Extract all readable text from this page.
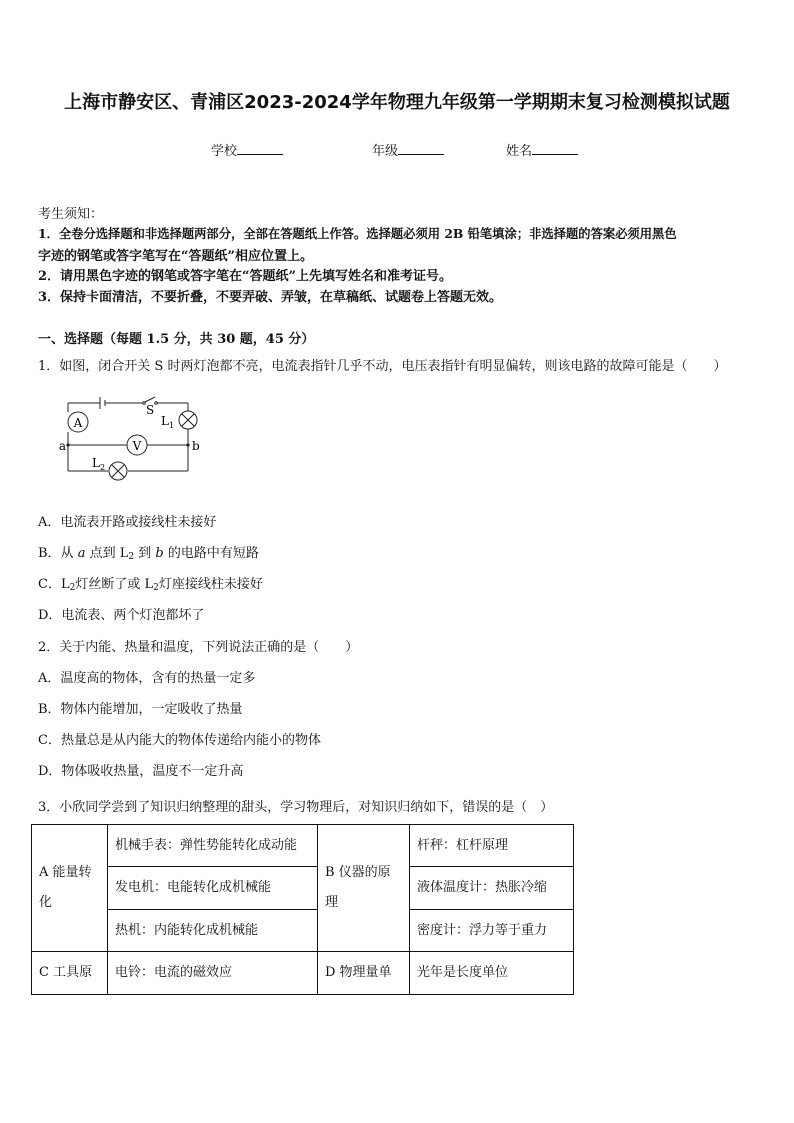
上海市静安区、青浦区2023-2024学年物理九年级第一学期期末复习检测模拟试题
学校	年级	姓名
考生须知：
1．全卷分选择题和非选择题两部分，全部在答题纸上作答。选择题必须用 2B 铅笔填涂；非选择题的答案必须用黑色
字迹的钢笔或答字笔写在“答题纸”相应位置上。
2．请用黑色字迹的钢笔或答字笔在“答题纸”上先填写姓名和准考证号。
3．保持卡面清洁，不要折叠，不要弄破、弄皱，在草稿纸、试题卷上答题无效。
一、选择题（每题 1.5 分，共 30 题，45 分）
1．如图，闭合开关 S 时两灯泡都不亮，电流表指针几乎不动，电压表指针有明显偏转，则该电路的故障可能是（　　）
A
V
S
$L_1$
$L_2$
a	b
A．电流表开路或接线柱未接好
B．从 a 点到 $L_2$ 到 b 的电路中有短路
C．$L_2$灯丝断了或 $L_2$灯座接线柱未接好
D．电流表、两个灯泡都坏了
2．关于内能、热量和温度，下列说法正确的是（　　）
A．温度高的物体，含有的热量一定多
B．物体内能增加，一定吸收了热量
C．热量总是从内能大的物体传递给内能小的物体
D．物体吸收热量，温度不一定升高
3．小欣同学尝到了知识归纳整理的甜头，学习物理后，对知识归纳如下，错误的是（　）
A 能量转化	机械手表：弹性势能转化成动能	B 仪器的原理	杆秤：杠杆原理
	发电机：电能转化成机械能		液体温度计：热胀冷缩
	热机：内能转化成机械能		密度计：浮力等于重力
C 工具原	电铃：电流的磁效应	D 物理量单	光年是长度单位
